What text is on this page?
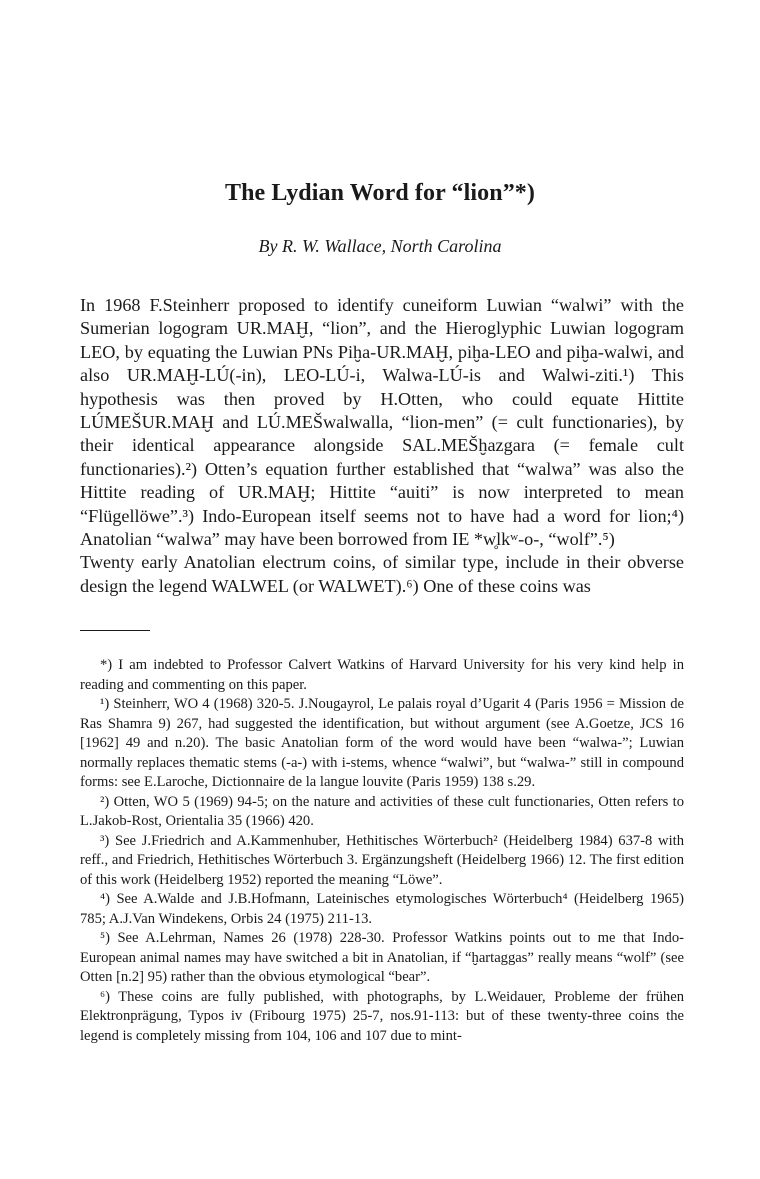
The Lydian Word for “lion”*)
By R. W. Wallace, North Carolina

In 1968 F.Steinherr proposed to identify cuneiform Luwian “walwi” with the Sumerian logogram UR.MAḪ, “lion”, and the Hieroglyphic Luwian logogram LEO, by equating the Luwian PNs Piḫa-UR.MAḪ, piḫa-LEO and piḫa-walwi, and also UR.MAḪ-LÚ(-in), LEO-LÚ-i, Walwa-LÚ-is and Walwi-ziti.¹) This hypothesis was then proved by H.Otten, who could equate Hittite LÚMEŠUR.MAḪ and LÚ.MEŠwalwalla, “lion-men” (= cult functionaries), by their identical appearance alongside SAL.MEŠḫazgara (= female cult functionaries).²) Otten’s equation further established that “walwa” was also the Hittite reading of UR.MAḪ; Hittite “auiti” is now interpreted to mean “Flügellöwe”.³) Indo-European itself seems not to have had a word for lion;⁴) Anatolian “walwa” may have been borrowed from IE *w̥lkʷ-o-, “wolf”.⁵)

Twenty early Anatolian electrum coins, of similar type, include in their obverse design the legend WALWEL (or WALWET).⁶) One of these coins was

*) I am indebted to Professor Calvert Watkins of Harvard University for his very kind help in reading and commenting on this paper.

¹) Steinherr, WO 4 (1968) 320-5. J.Nougayrol, Le palais royal d’Ugarit 4 (Paris 1956 = Mission de Ras Shamra 9) 267, had suggested the identification, but without argument (see A.Goetze, JCS 16 [1962] 49 and n.20). The basic Anatolian form of the word would have been “walwa-”; Luwian normally replaces thematic stems (-a-) with i-stems, whence “walwi”, but “walwa-” still in compound forms: see E.Laroche, Dictionnaire de la langue louvite (Paris 1959) 138 s.29.

²) Otten, WO 5 (1969) 94-5; on the nature and activities of these cult functionaries, Otten refers to L.Jakob-Rost, Orientalia 35 (1966) 420.

³) See J.Friedrich and A.Kammenhuber, Hethitisches Wörterbuch² (Heidelberg 1984) 637-8 with reff., and Friedrich, Hethitisches Wörterbuch 3. Ergänzungsheft (Heidelberg 1966) 12. The first edition of this work (Heidelberg 1952) reported the meaning “Löwe”.

⁴) See A.Walde and J.B.Hofmann, Lateinisches etymologisches Wörterbuch⁴ (Heidelberg 1965) 785; A.J.Van Windekens, Orbis 24 (1975) 211-13.

⁵) See A.Lehrman, Names 26 (1978) 228-30. Professor Watkins points out to me that Indo-European animal names may have switched a bit in Anatolian, if “ḫartaggas” really means “wolf” (see Otten [n.2] 95) rather than the obvious etymological “bear”.

⁶) These coins are fully published, with photographs, by L.Weidauer, Probleme der frühen Elektronprägung, Typos iv (Fribourg 1975) 25-7, nos.91-113: but of these twenty-three coins the legend is completely missing from 104, 106 and 107 due to mint-
